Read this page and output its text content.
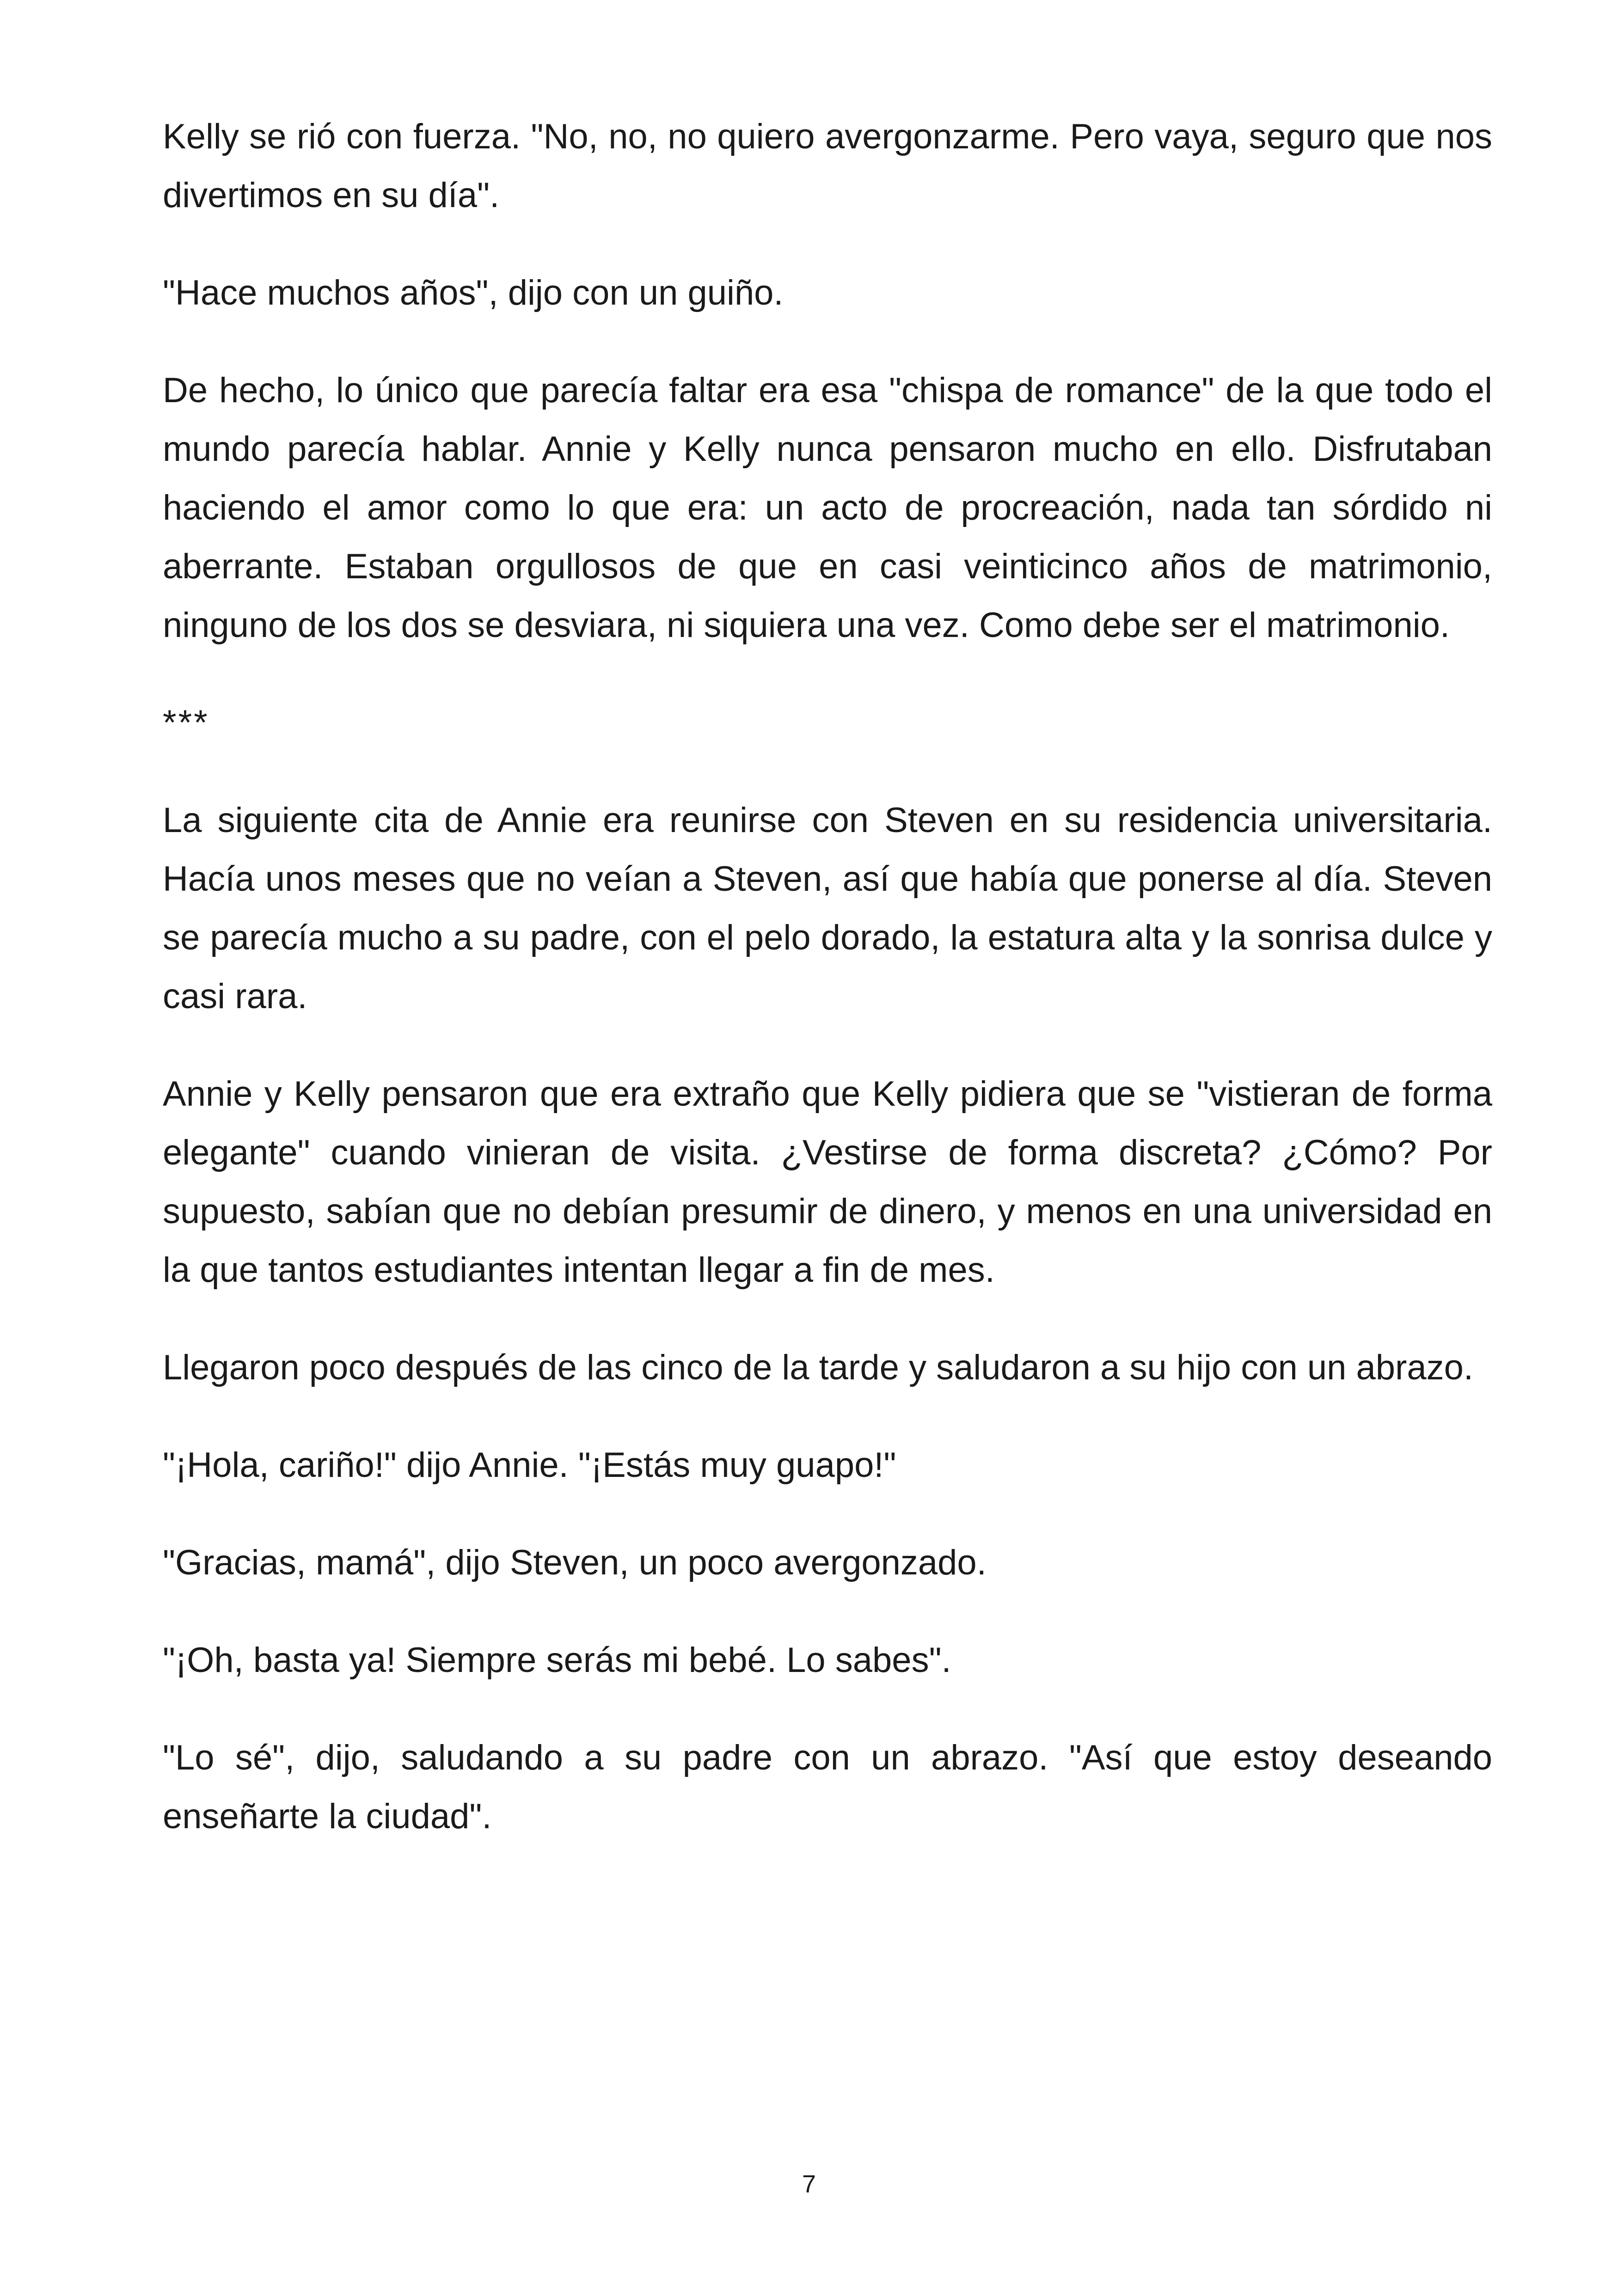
Kelly se rió con fuerza. "No, no, no quiero avergonzarme. Pero vaya, seguro que nos divertimos en su día".

"Hace muchos años", dijo con un guiño.

De hecho, lo único que parecía faltar era esa "chispa de romance" de la que todo el mundo parecía hablar. Annie y Kelly nunca pensaron mucho en ello. Disfrutaban haciendo el amor como lo que era: un acto de procreación, nada tan sórdido ni aberrante. Estaban orgullosos de que en casi veinticinco años de matrimonio, ninguno de los dos se desviara, ni siquiera una vez. Como debe ser el matrimonio.

***

La siguiente cita de Annie era reunirse con Steven en su residencia universitaria. Hacía unos meses que no veían a Steven, así que había que ponerse al día. Steven se parecía mucho a su padre, con el pelo dorado, la estatura alta y la sonrisa dulce y casi rara.

Annie y Kelly pensaron que era extraño que Kelly pidiera que se "vistieran de forma elegante" cuando vinieran de visita. ¿Vestirse de forma discreta? ¿Cómo? Por supuesto, sabían que no debían presumir de dinero, y menos en una universidad en la que tantos estudiantes intentan llegar a fin de mes.

Llegaron poco después de las cinco de la tarde y saludaron a su hijo con un abrazo.

"¡Hola, cariño!" dijo Annie. "¡Estás muy guapo!"

"Gracias, mamá", dijo Steven, un poco avergonzado.

"¡Oh, basta ya! Siempre serás mi bebé. Lo sabes".

"Lo sé", dijo, saludando a su padre con un abrazo. "Así que estoy deseando enseñarte la ciudad".

7
